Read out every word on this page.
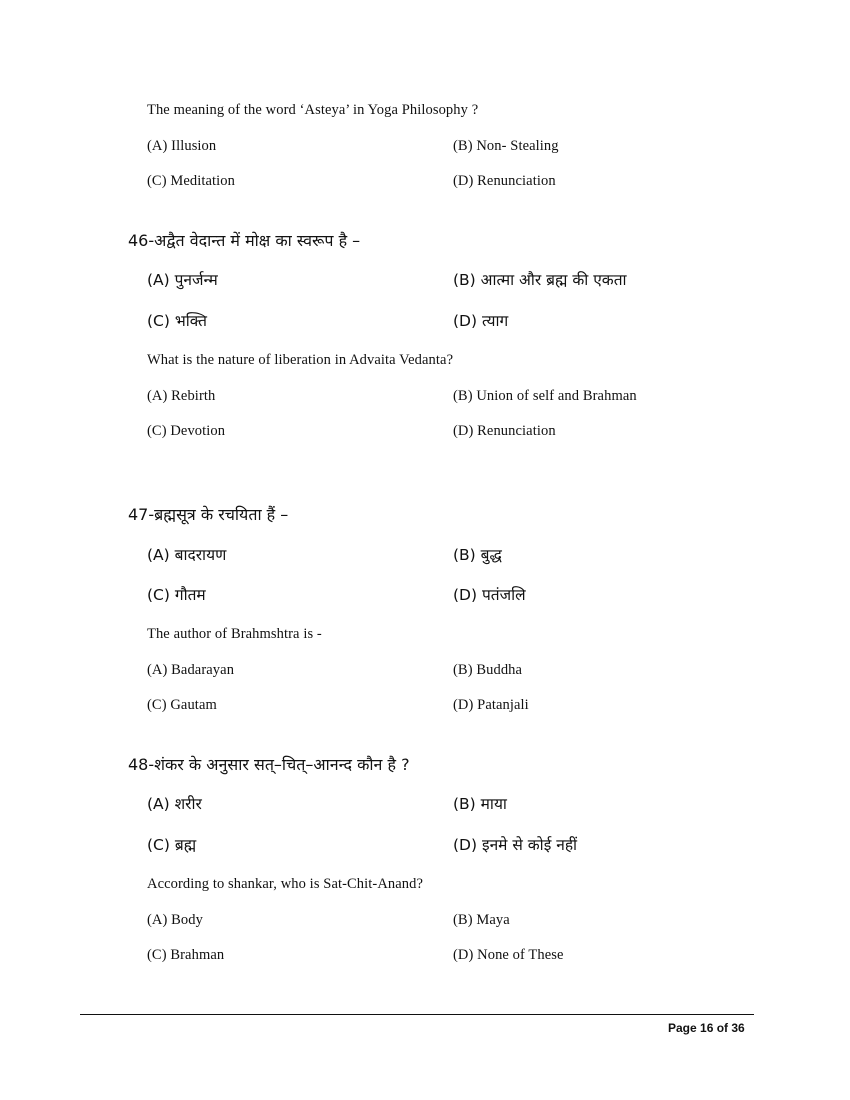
The meaning of the word ‘Asteya’ in Yoga Philosophy ?
(A) Illusion	(B) Non- Stealing
(C) Meditation	(D) Renunciation
46-अद्वैत वेदान्त में मोक्ष का स्वरूप है –
(A) पुनर्जन्म	(B) आत्मा और ब्रह्म की एकता
(C) भक्ति	(D) त्याग
What is the nature of liberation in Advaita Vedanta?
(A) Rebirth	(B) Union of self and Brahman
(C) Devotion	(D) Renunciation
47-ब्रह्मसूत्र के रचयिता हैं –
(A) बादरायण	(B) बुद्ध
(C) गौतम	(D) पतंजलि
The author of Brahmshtra is -
(A) Badarayan	(B) Buddha
(C) Gautam	(D) Patanjali
48-शंकर के अनुसार सत्–चित्–आनन्द कौन है ?
(A) शरीर	(B) माया
(C) ब्रह्म	(D) इनमे से कोई नहीं
According to shankar, who is Sat-Chit-Anand?
(A) Body	(B) Maya
(C) Brahman	(D) None of These
Page 16 of 36
